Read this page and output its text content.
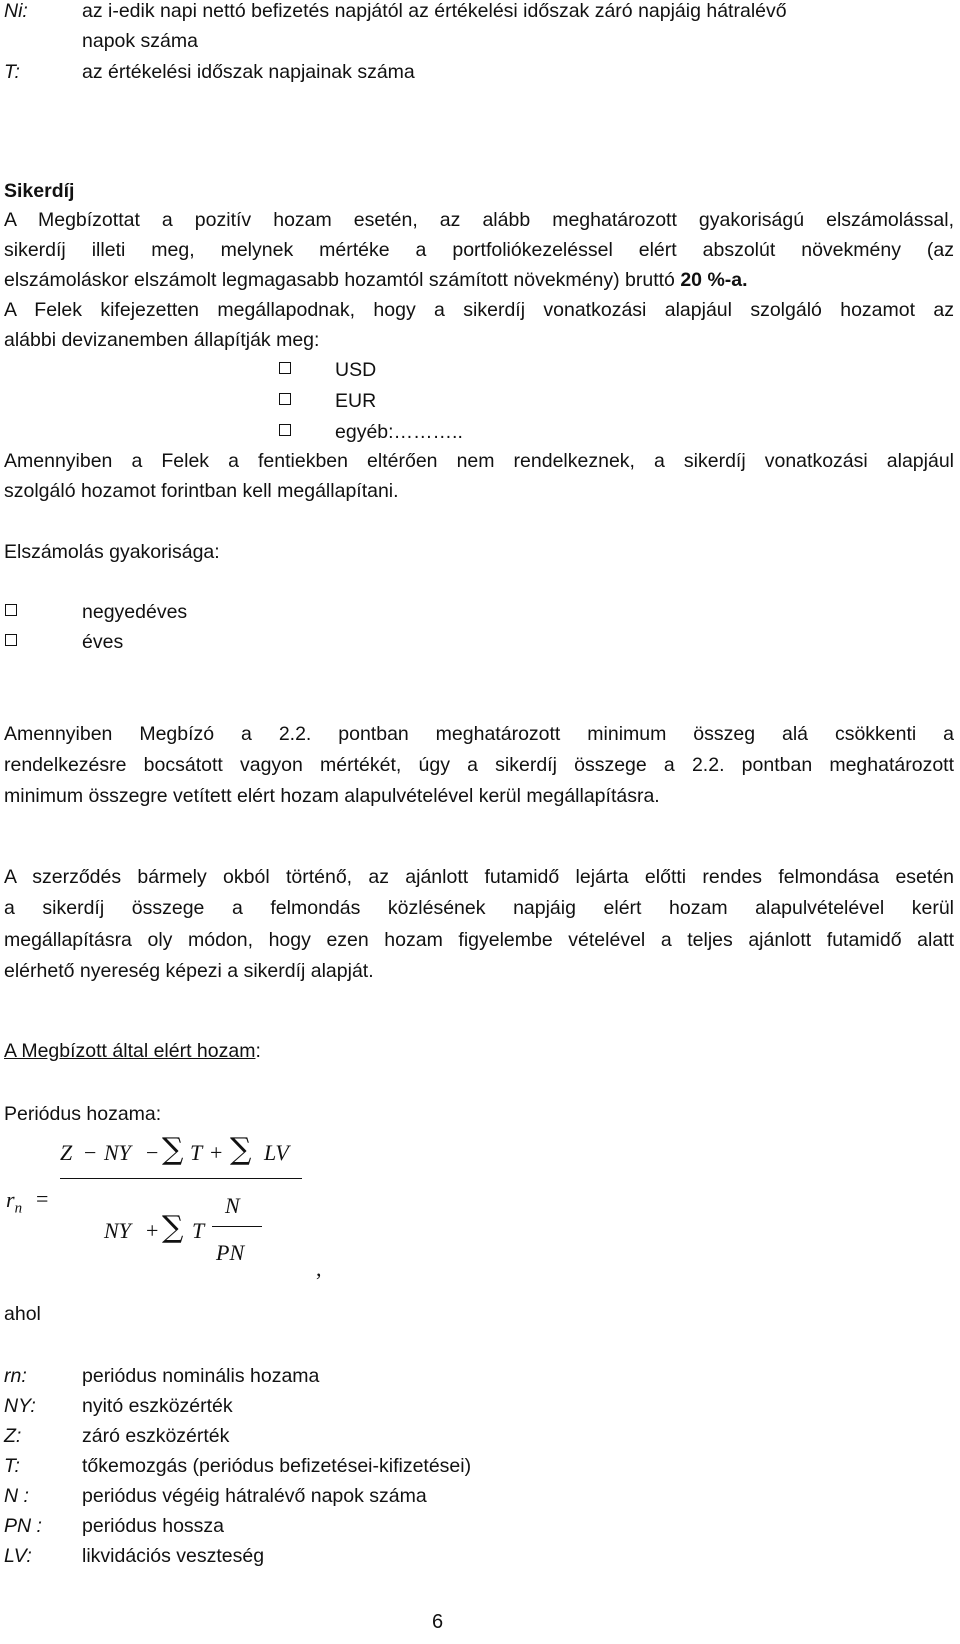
Ni:	az i-edik napi nettó befizetés napjától az értékelési időszak záró napjáig hátralévő
napok száma
T:	az értékelési időszak napjainak száma
Sikerdíj
A Megbízottat a pozitív hozam esetén, az alább meghatározott gyakoriságú elszámolással,
sikerdíj illeti meg, melynek mértéke a portfoliókezeléssel elért abszolút növekmény (az
elszámoláskor elszámolt legmagasabb hozamtól számított növekmény) bruttó 20 %-a.
A Felek kifejezetten megállapodnak, hogy a sikerdíj vonatkozási alapjául szolgáló hozamot az
alábbi devizanemben állapítják meg:
USD
EUR
egyéb:………..
Amennyiben a Felek a fentiekben eltérően nem rendelkeznek, a sikerdíj vonatkozási alapjául
szolgáló hozamot forintban kell megállapítani.
Elszámolás gyakorisága:
negyedéves
éves
Amennyiben Megbízó a 2.2. pontban meghatározott minimum összeg alá csökkenti a
rendelkezésre bocsátott vagyon mértékét, úgy a sikerdíj összege a 2.2. pontban meghatározott
minimum összegre vetített elért hozam alapulvételével kerül megállapításra.
A szerződés bármely okból történő, az ajánlott futamidő lejárta előtti rendes felmondása esetén
a sikerdíj összege a felmondás közlésének napjáig elért hozam alapulvételével kerül
megállapításra oly módon, hogy ezen hozam figyelembe vételével a teljes ajánlott futamidő alatt
elérhető nyereség képezi a sikerdíj alapját.
A Megbízott által elért hozam:
Periódus hozama:
$r_n$ =
Z − NY − ∑ T + ∑ LV
NY + ∑ T
N
PN
,
ahol
rn:	periódus nominális hozama
NY: nyitó eszközérték
Z:	záró eszközérték
T:	tőkemozgás (periódus befizetései-kifizetései)
N :	periódus végéig hátralévő napok száma
PN : periódus hossza
LV:	likvidációs veszteség
6
